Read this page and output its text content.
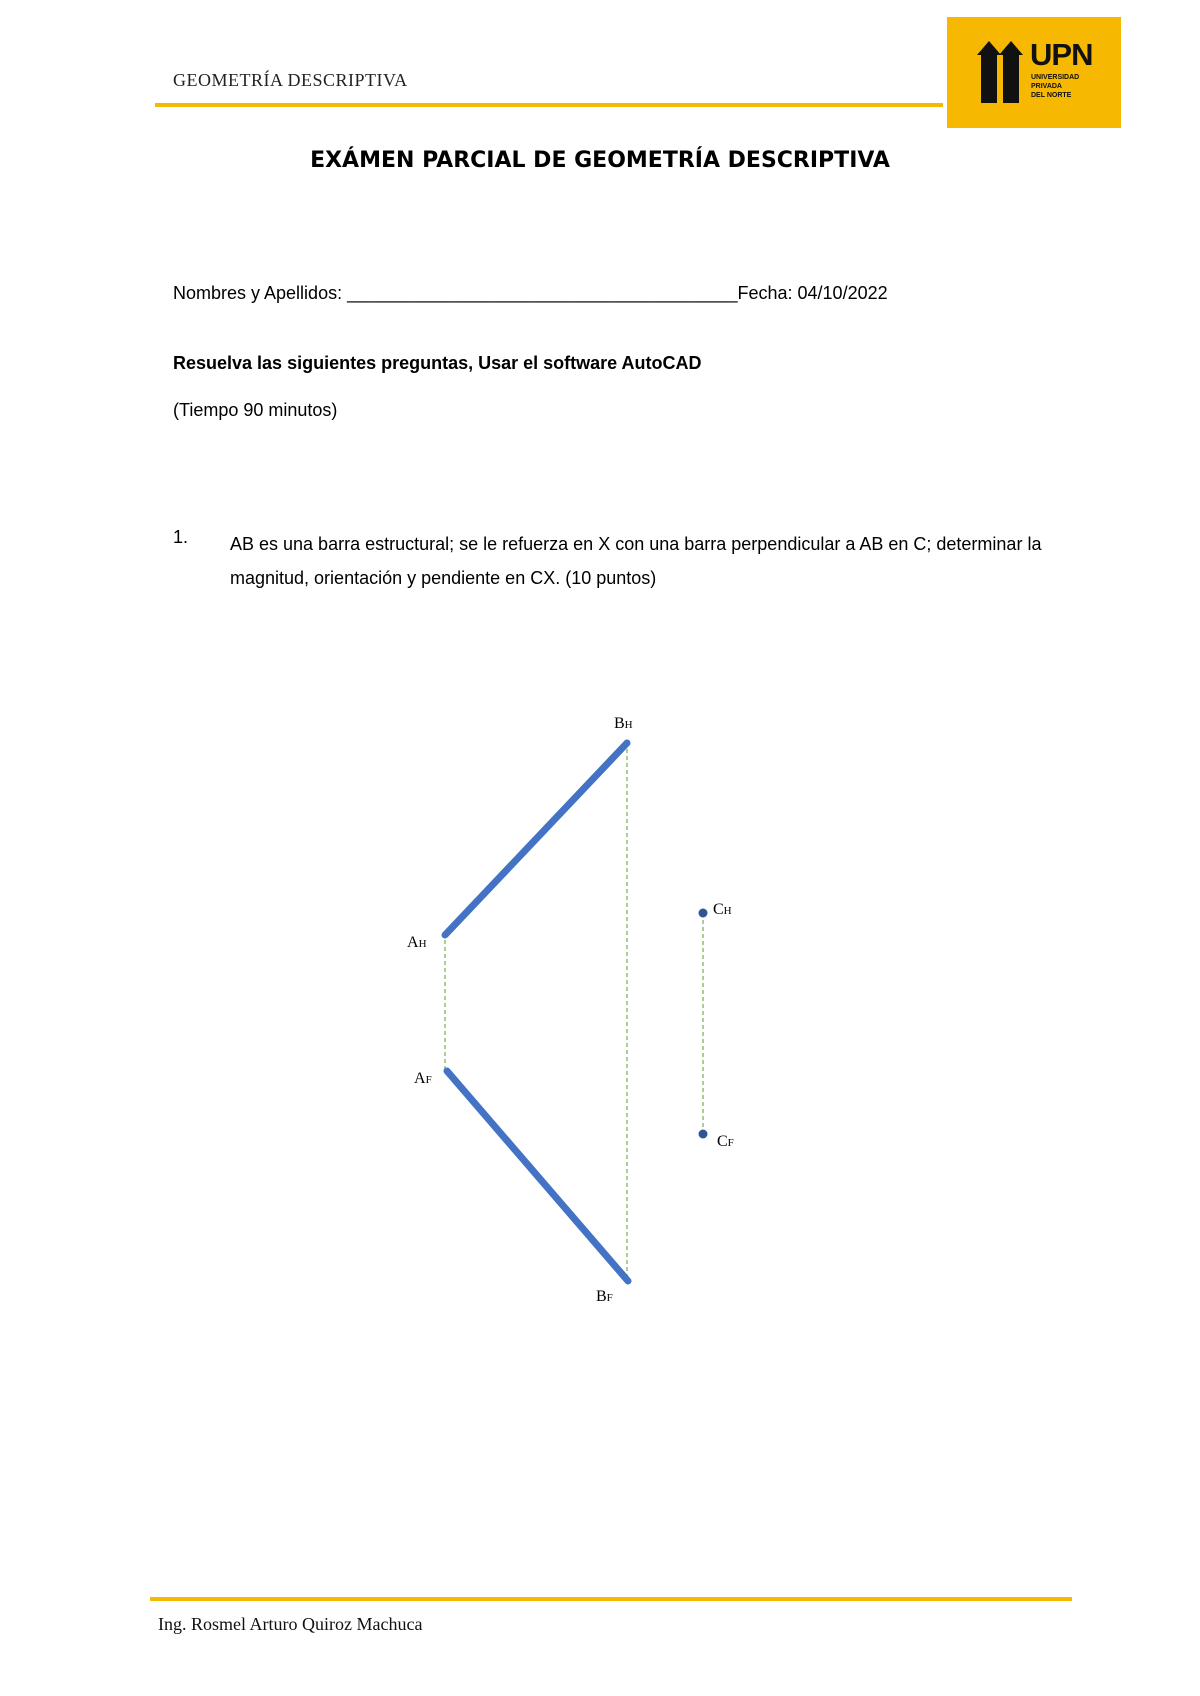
GEOMETRÍA DESCRIPTIVA
UPN
UNIVERSIDAD
PRIVADA
DEL NORTE
EXÁMEN PARCIAL DE GEOMETRÍA DESCRIPTIVA
Nombres y Apellidos: _______________________________________Fecha: 04/10/2022
Resuelva las siguientes preguntas, Usar el software AutoCAD
(Tiempo 90 minutos)
1. AB es una barra estructural; se le refuerza en X con una barra perpendicular a AB en C; determinar la magnitud, orientación y pendiente en CX. (10 puntos)
BH
AH
AF
BF
CH
CF
Ing. Rosmel Arturo Quiroz Machuca
